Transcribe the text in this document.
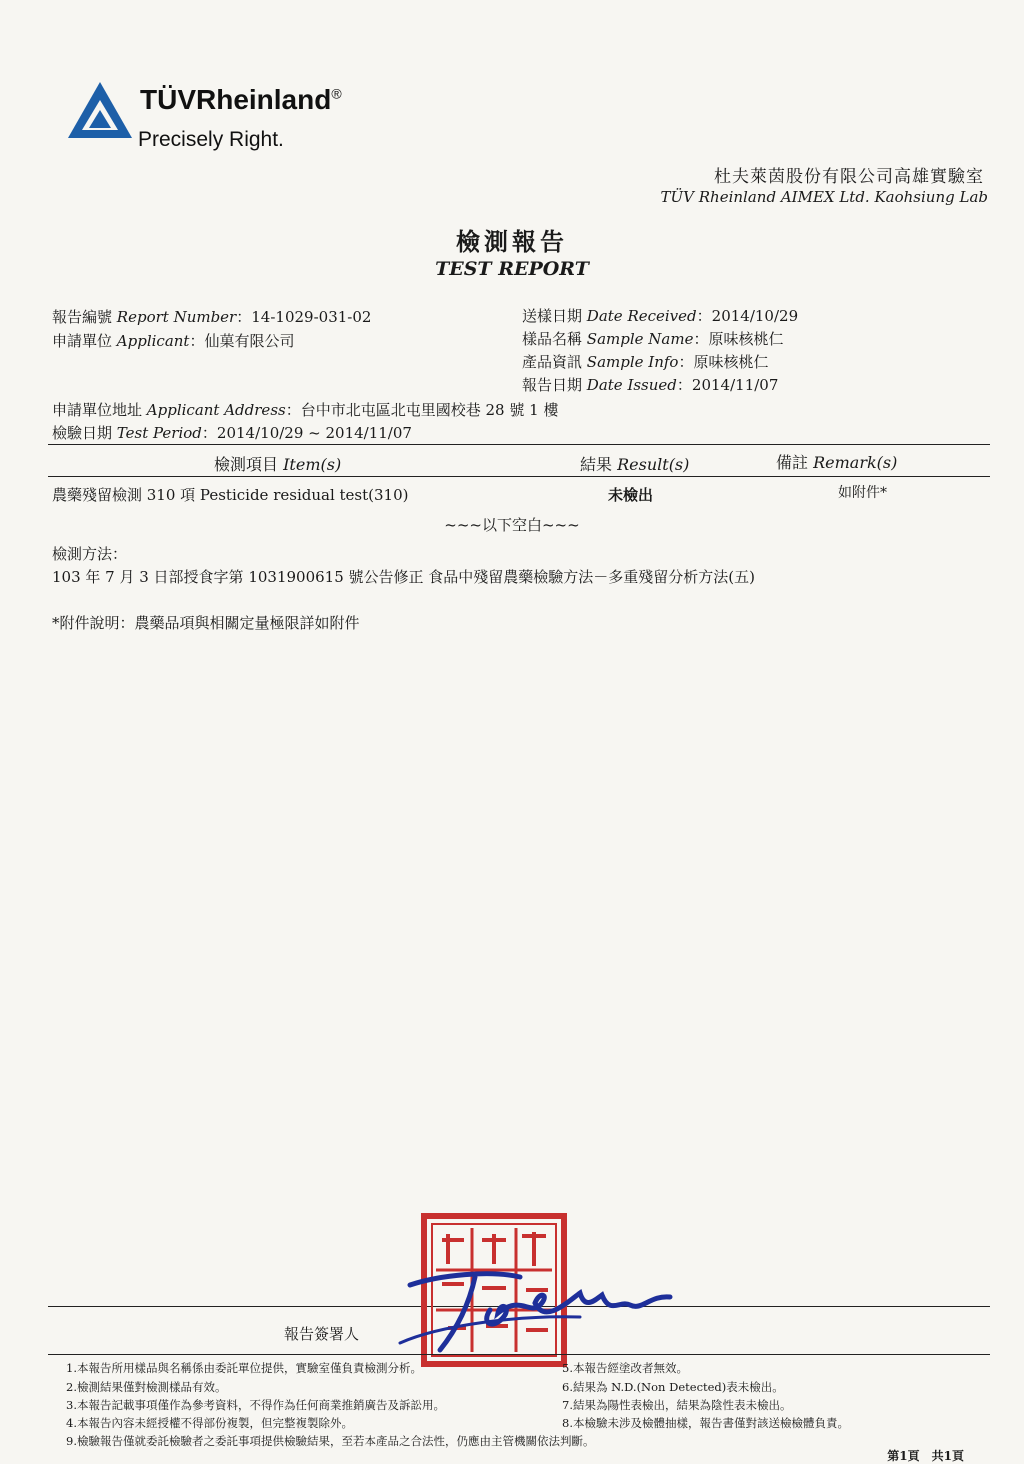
TÜVRheinland®
Precisely Right.
杜夫萊茵股份有限公司高雄實驗室
TÜV Rheinland AIMEX Ltd. Kaohsiung Lab
檢測報告
TEST REPORT
報告編號 Report Number：14-1029-031-02
申請單位 Applicant：仙菓有限公司
送樣日期 Date Received：2014/10/29
樣品名稱 Sample Name：原味核桃仁
產品資訊 Sample Info：原味核桃仁
報告日期 Date Issued：2014/11/07
申請單位地址 Applicant Address：台中市北屯區北屯里國校巷 28 號 1 樓
檢驗日期 Test Period：2014/10/29 ~ 2014/11/07
檢測項目 Item(s)	結果 Result(s)	備註 Remark(s)
農藥殘留檢測 310 項 Pesticide residual test(310)	未檢出	如附件*
~~~以下空白~~~
檢測方法：
103 年 7 月 3 日部授食字第 1031900615 號公告修正 食品中殘留農藥檢驗方法－多重殘留分析方法(五)
*附件說明：農藥品項與相關定量極限詳如附件
報告簽署人
1.本報告所用樣品與名稱係由委託單位提供，實驗室僅負責檢測分析。
2.檢測結果僅對檢測樣品有效。
3.本報告記載事項僅作為參考資料，不得作為任何商業推銷廣告及訴訟用。
4.本報告內容未經授權不得部份複製，但完整複製除外。
5.本報告經塗改者無效。
6.結果為 N.D.(Non Detected)表未檢出。
7.結果為陽性表檢出，結果為陰性表未檢出。
8.本檢驗未涉及檢體抽樣，報告書僅對該送檢檢體負責。
9.檢驗報告僅就委託檢驗者之委託事項提供檢驗結果，至若本產品之合法性，仍應由主管機關依法判斷。
第1頁　共1頁
